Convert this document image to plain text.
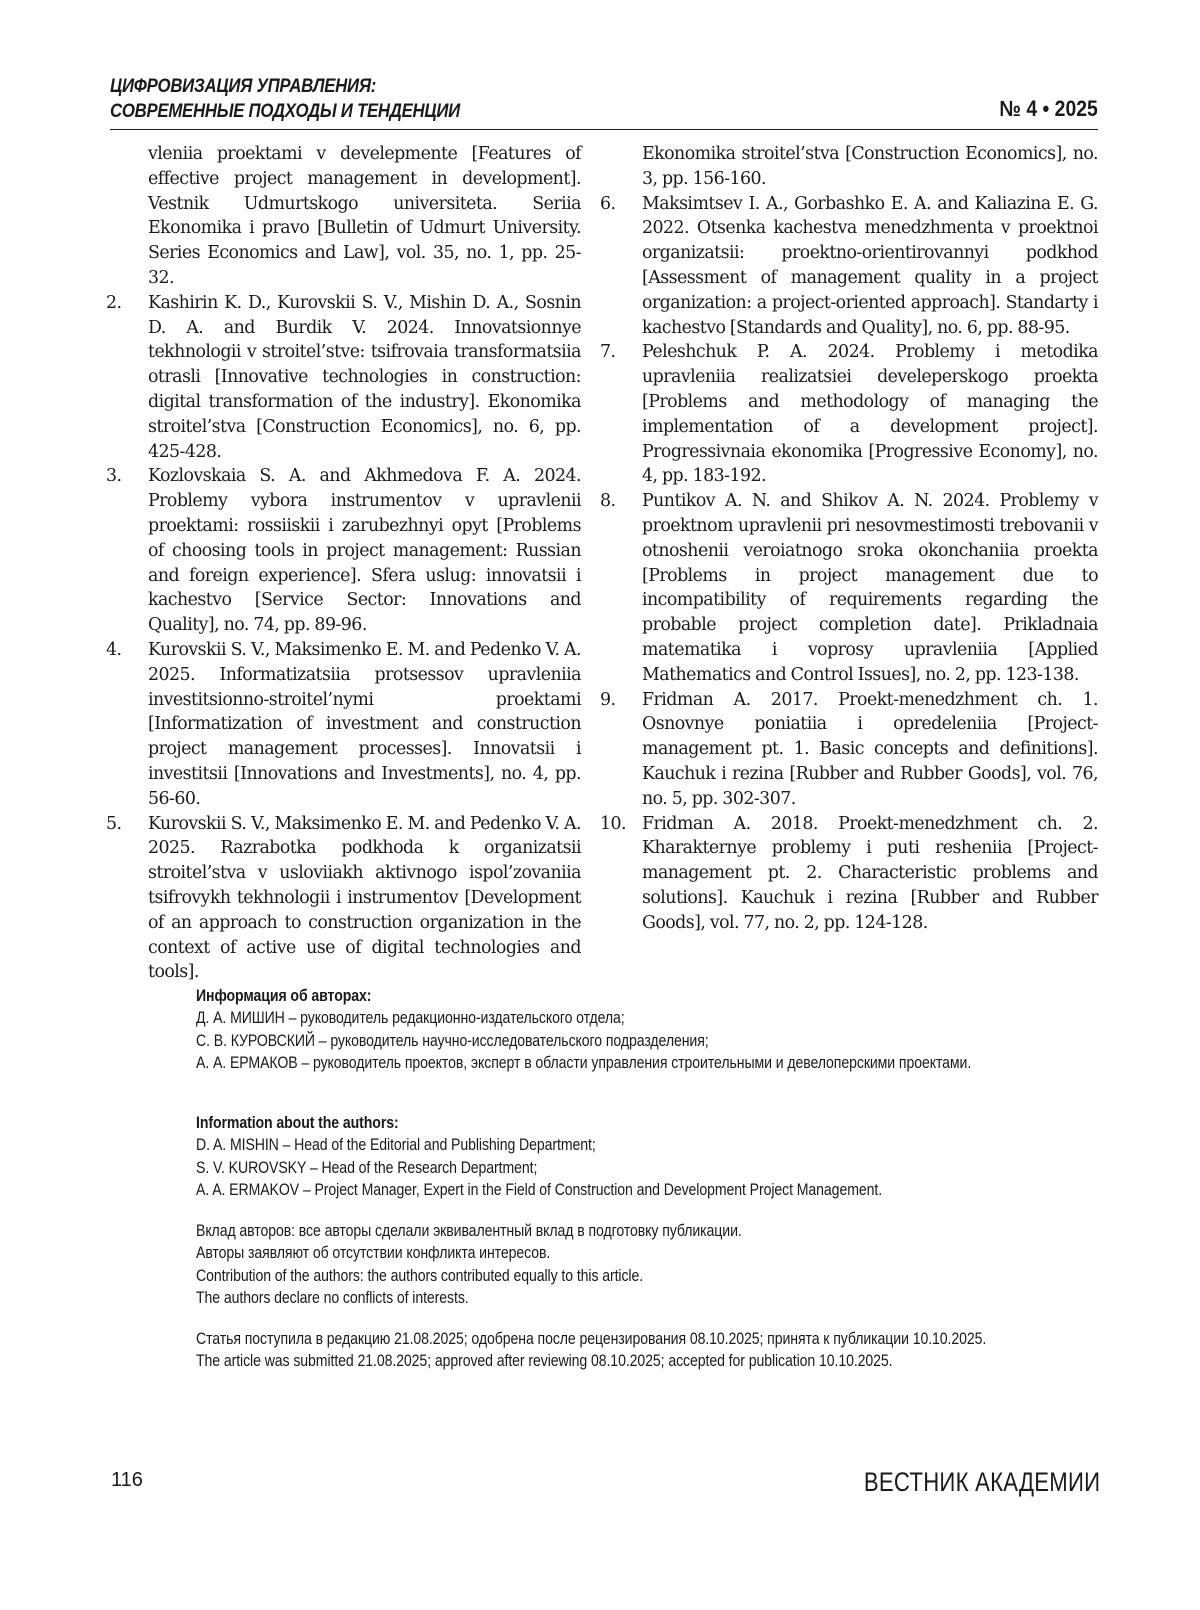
ЦИФРОВИЗАЦИЯ УПРАВЛЕНИЯ:
СОВРЕМЕННЫЕ ПОДХОДЫ И ТЕНДЕНЦИИ	№ 4 • 2025
vleniia proektami v develepmente [Features of effective project management in development]. Vestnik Udmurtskogo universiteta. Seriia Ekonomika i pravo [Bulletin of Udmurt University. Series Economics and Law], vol. 35, no. 1, pp. 25-32.
2.	Kashirin K. D., Kurovskii S. V., Mishin D. A., Sosnin D. A. and Burdik V. 2024. Innovatsionnye tekhnologii v stroitel’stve: tsifrovaia transformatsiia otrasli [Innovative technologies in construction: digital transformation of the industry]. Ekonomika stroitel’stva [Construction Economics], no. 6, pp. 425-428.
3.	Kozlovskaia S. A. and Akhmedova F. A. 2024. Problemy vybora instrumentov v upravlenii proektami: rossiiskii i zarubezhnyi opyt [Problems of choosing tools in project management: Russian and foreign experience]. Sfera uslug: innovatsii i kachestvo [Service Sector: Innovations and Quality], no. 74, pp. 89-96.
4.	Kurovskii S. V., Maksimenko E. M. and Pedenko V. A. 2025. Informatizatsiia protsessov upravleniia investitsionno-stroitel’nymi proektami [Informatization of investment and construction project management processes]. Innovatsii i investitsii [Innovations and Investments], no. 4, pp. 56-60.
5.	Kurovskii S. V., Maksimenko E. M. and Pedenko V. A. 2025. Razrabotka podkhoda k organizatsii stroitel’stva v usloviiakh aktivnogo ispol’zovaniia tsifrovykh tekhnologii i instrumentov [Development of an approach to construction organization in the context of active use of digital technologies and tools].
Ekonomika stroitel’stva [Construction Economics], no. 3, pp. 156-160.
6.	Maksimtsev I. A., Gorbashko E. A. and Kaliazina E. G. 2022. Otsenka kachestva menedzhmenta v proektnoi organizatsii: proektno-orientirovannyi podkhod [Assessment of management quality in a project organization: a project-oriented approach]. Standarty i kachestvo [Standards and Quality], no. 6, pp. 88-95.
7.	Peleshchuk P. A. 2024. Problemy i metodika upravleniia realizatsiei develeperskogo proekta [Problems and methodology of managing the implementation of a development project]. Progressivnaia ekonomika [Progressive Economy], no. 4, pp. 183-192.
8.	Puntikov A. N. and Shikov A. N. 2024. Problemy v proektnom upravlenii pri nesovmestimosti trebovanii v otnoshenii veroiatnogo sroka okonchaniia proekta [Problems in project management due to incompatibility of requirements regarding the probable project completion date]. Prikladnaia matematika i voprosy upravleniia [Applied Mathematics and Control Issues], no. 2, pp. 123-138.
9.	Fridman A. 2017. Proekt-menedzhment ch. 1. Osnovnye poniatiia i opredeleniia [Project-management pt. 1. Basic concepts and definitions]. Kauchuk i rezina [Rubber and Rubber Goods], vol. 76, no. 5, pp. 302-307.
10. Fridman A. 2018. Proekt-menedzhment ch. 2. Kharakternye problemy i puti resheniia [Project-management pt. 2. Characteristic problems and solutions]. Kauchuk i rezina [Rubber and Rubber Goods], vol. 77, no. 2, pp. 124-128.

Информация об авторах:

Д. А. МИШИН – руководитель редакционно-издательского отдела;

С. В. КУРОВСКИЙ – руководитель научно-исследовательского подразделения;

А. А. ЕРМАКОВ – руководитель проектов, эксперт в области управления строительными и девелоперскими проектами.

Information about the authors:

D. A. MISHIN – Head of the Editorial and Publishing Department;

S. V. KUROVSKY – Head of the Research Department;

A. A. ERMAKOV – Project Manager, Expert in the Field of Construction and Development Project Management.

Вклад авторов: все авторы сделали эквивалентный вклад в подготовку публикации.

Авторы заявляют об отсутствии конфликта интересов.

Contribution of the authors: the authors contributed equally to this article.

The authors declare no conflicts of interests.

Статья поступила в редакцию 21.08.2025; одобрена после рецензирования 08.10.2025; принята к публикации 10.10.2025.

The article was submitted 21.08.2025; approved after reviewing 08.10.2025; accepted for publication 10.10.2025.

116	ВЕСТНИК АКАДЕМИИ
